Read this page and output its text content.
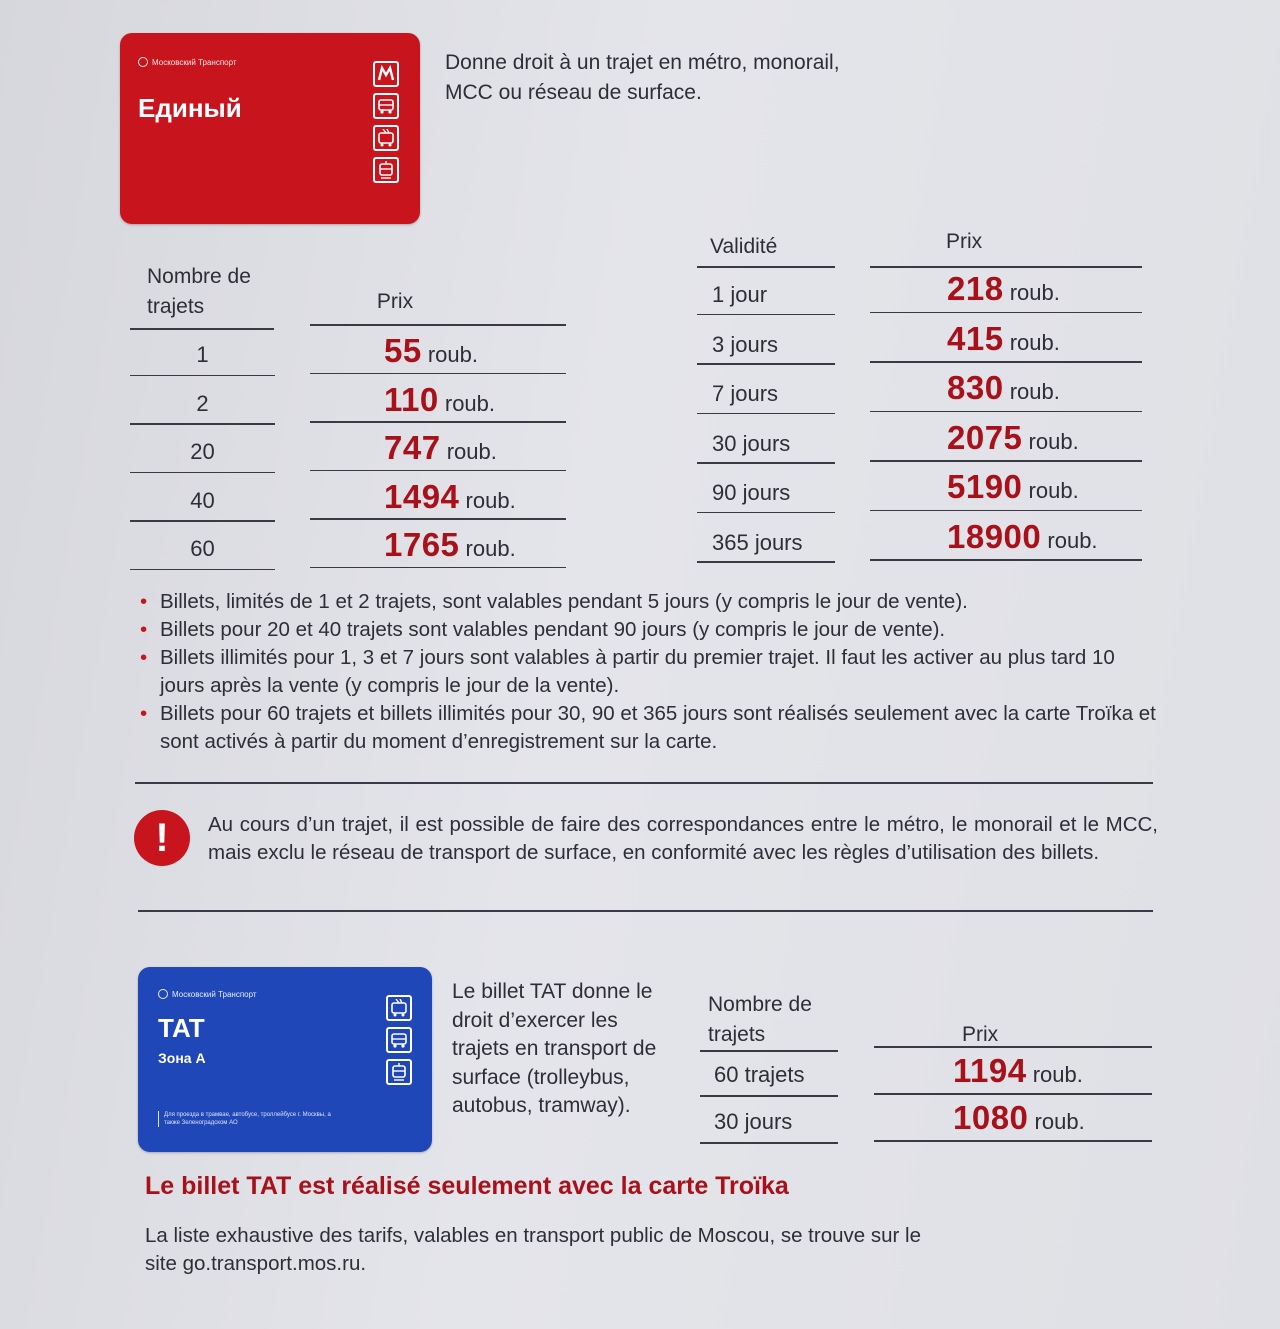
Московский Транспорт
Единый
Donne droit à un trajet en métro, monorail, MCC ou réseau de surface.
Nombre de trajets	Prix
1	55 roub.
2	110 roub.
20	747 roub.
40	1494 roub.
60	1765 roub.
Validité	Prix
1 jour	218 roub.
3 jours	415 roub.
7 jours	830 roub.
30 jours	2075 roub.
90 jours	5190 roub.
365 jours	18900 roub.
• Billets, limités de 1 et 2 trajets, sont valables pendant 5 jours (y compris le jour de vente).
• Billets pour 20 et 40 trajets sont valables pendant 90 jours (y compris le jour de vente).
• Billets illimités pour 1, 3 et 7 jours sont valables à partir du premier trajet. Il faut les activer au plus tard 10 jours après la vente (y compris le jour de la vente).
• Billets pour 60 trajets et billets illimités pour 30, 90 et 365 jours sont réalisés seulement avec la carte Troïka et sont activés à partir du moment d’enregistrement sur la carte.
!	Au cours d’un trajet, il est possible de faire des correspondances entre le métro, le monorail et le MCC, mais exclu le réseau de transport de surface, en conformité avec les règles d’utilisation des billets.
Московский Транспорт
TAT
Зона А
Для проезда в трамвае, автобусе, троллейбусе г. Москвы, а также Зеленоградском АО
Le billet TAT donne le droit d’exercer les trajets en transport de surface (trolleybus, autobus, tramway).
Nombre de trajets	Prix
60 trajets	1194 roub.
30 jours	1080 roub.
Le billet TAT est réalisé seulement avec la carte Troïka
La liste exhaustive des tarifs, valables en transport public de Moscou, se trouve sur le site go.transport.mos.ru.
